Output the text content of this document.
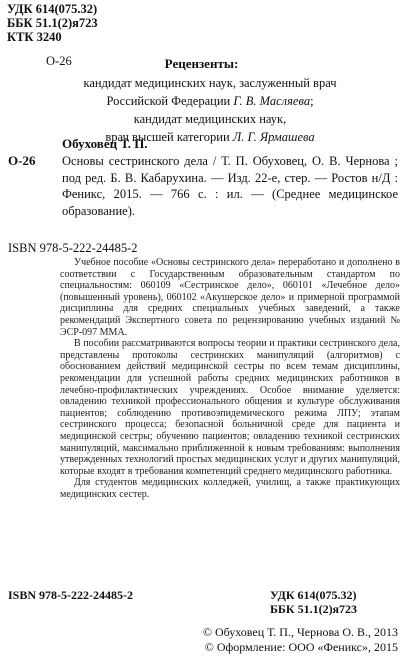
УДК 614(075.32)
ББК 51.1(2)я723
КТК 3240
О-26	Рецензенты:
кандидат медицинских наук, заслуженный врач
Российской Федерации Г. В. Масляева;
кандидат медицинских наук,
врач высшей категории Л. Г. Ярмашева
Обуховец Т. П.
О-26 Основы сестринского дела / Т. П. Обуховец, О. В. Чернова ; под ред. Б. В. Кабарухина. — Изд. 22-е, стер. — Ростов н/Д : Феникс, 2015. — 766 с. : ил. — (Среднее медицинское образование).
ISBN 978-5-222-24485-2

Учебное пособие «Основы сестринского дела» переработано и дополнено в соответствии с Государственным образовательным стандартом по специальностям: 060109 «Сестринское дело», 060101 «Лечебное дело» (повышенный уровень), 060102 «Акушерское дело» и примерной программой дисциплины для средних специальных учебных заведений, а также рекомендаций Экспертного совета по рецензированию учебных изданий № ЭСР-097 ММА.

В пособии рассматриваются вопросы теории и практики сестринского дела, представлены протоколы сестринских манипуляций (алгоритмов) с обоснованием действий медицинской сестры по всем темам дисциплины, рекомендации для успешной работы средних медицинских работников в лечебно-профилактических учреждениях. Особое внимание уделяется: овладению техникой профессионального общения и культуре обслуживания пациентов; соблюдению противоэпидемического режима ЛПУ; этапам сестринского процесса; безопасной больничной среде для пациента и медицинской сестры; обучению пациентов; овладению техникой сестринских манипуляций, максимально приближенной к новым требованиям: выполнения утвержденных технологий простых медицинских услуг и других манипуляций, которые входят в требования компетенций среднего медицинского работника.

Для студентов медицинских колледжей, училищ, а также практикующих медицинских сестер.

ISBN 978-5-222-24485-2	УДК 614(075.32)
ББК 51.1(2)я723
© Обуховец Т. П., Чернова О. В., 2013
© Оформление: ООО «Феникс», 2015
